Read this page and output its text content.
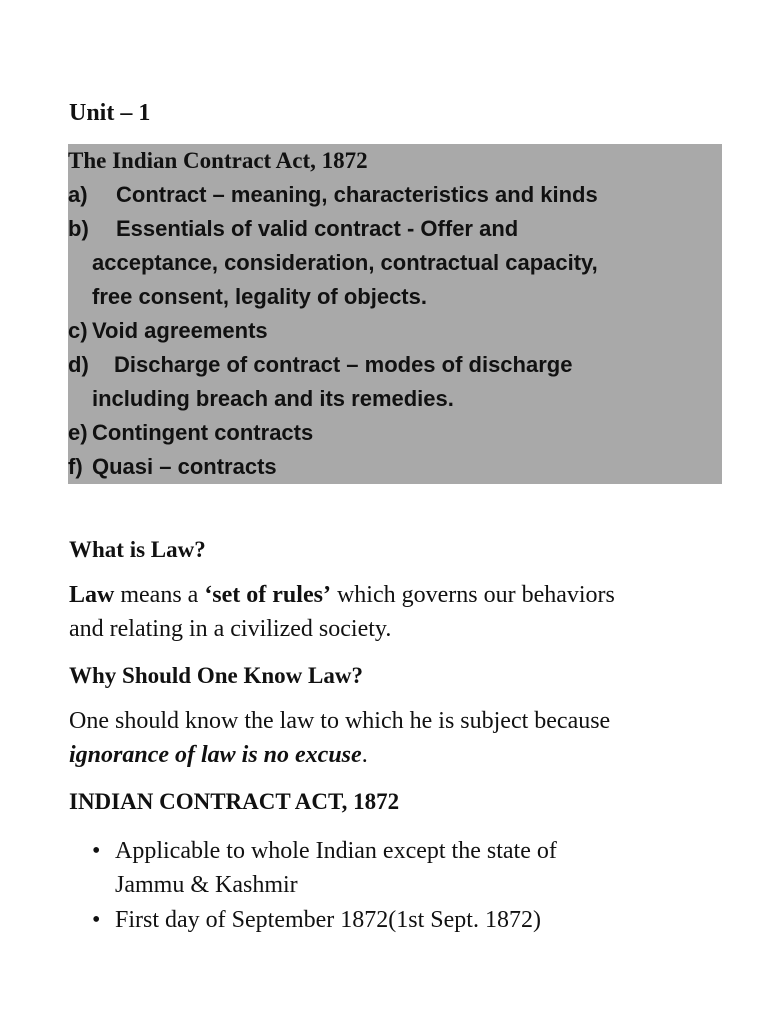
Unit – 1
The Indian Contract Act, 1872
a) Contract – meaning, characteristics and kinds
b) Essentials of valid contract - Offer and
acceptance, consideration, contractual capacity,
free consent, legality of objects.
c) Void agreements
d) Discharge of contract – modes of discharge
including breach and its remedies.
e) Contingent contracts
f) Quasi – contracts
What is Law?
Law means a ‘set of rules’ which governs our behaviors
and relating in a civilized society.
Why Should One Know Law?
One should know the law to which he is subject because
ignorance of law is no excuse.
INDIAN CONTRACT ACT, 1872
• Applicable to whole Indian except the state of
Jammu & Kashmir
• First day of September 1872(1st Sept. 1872)
